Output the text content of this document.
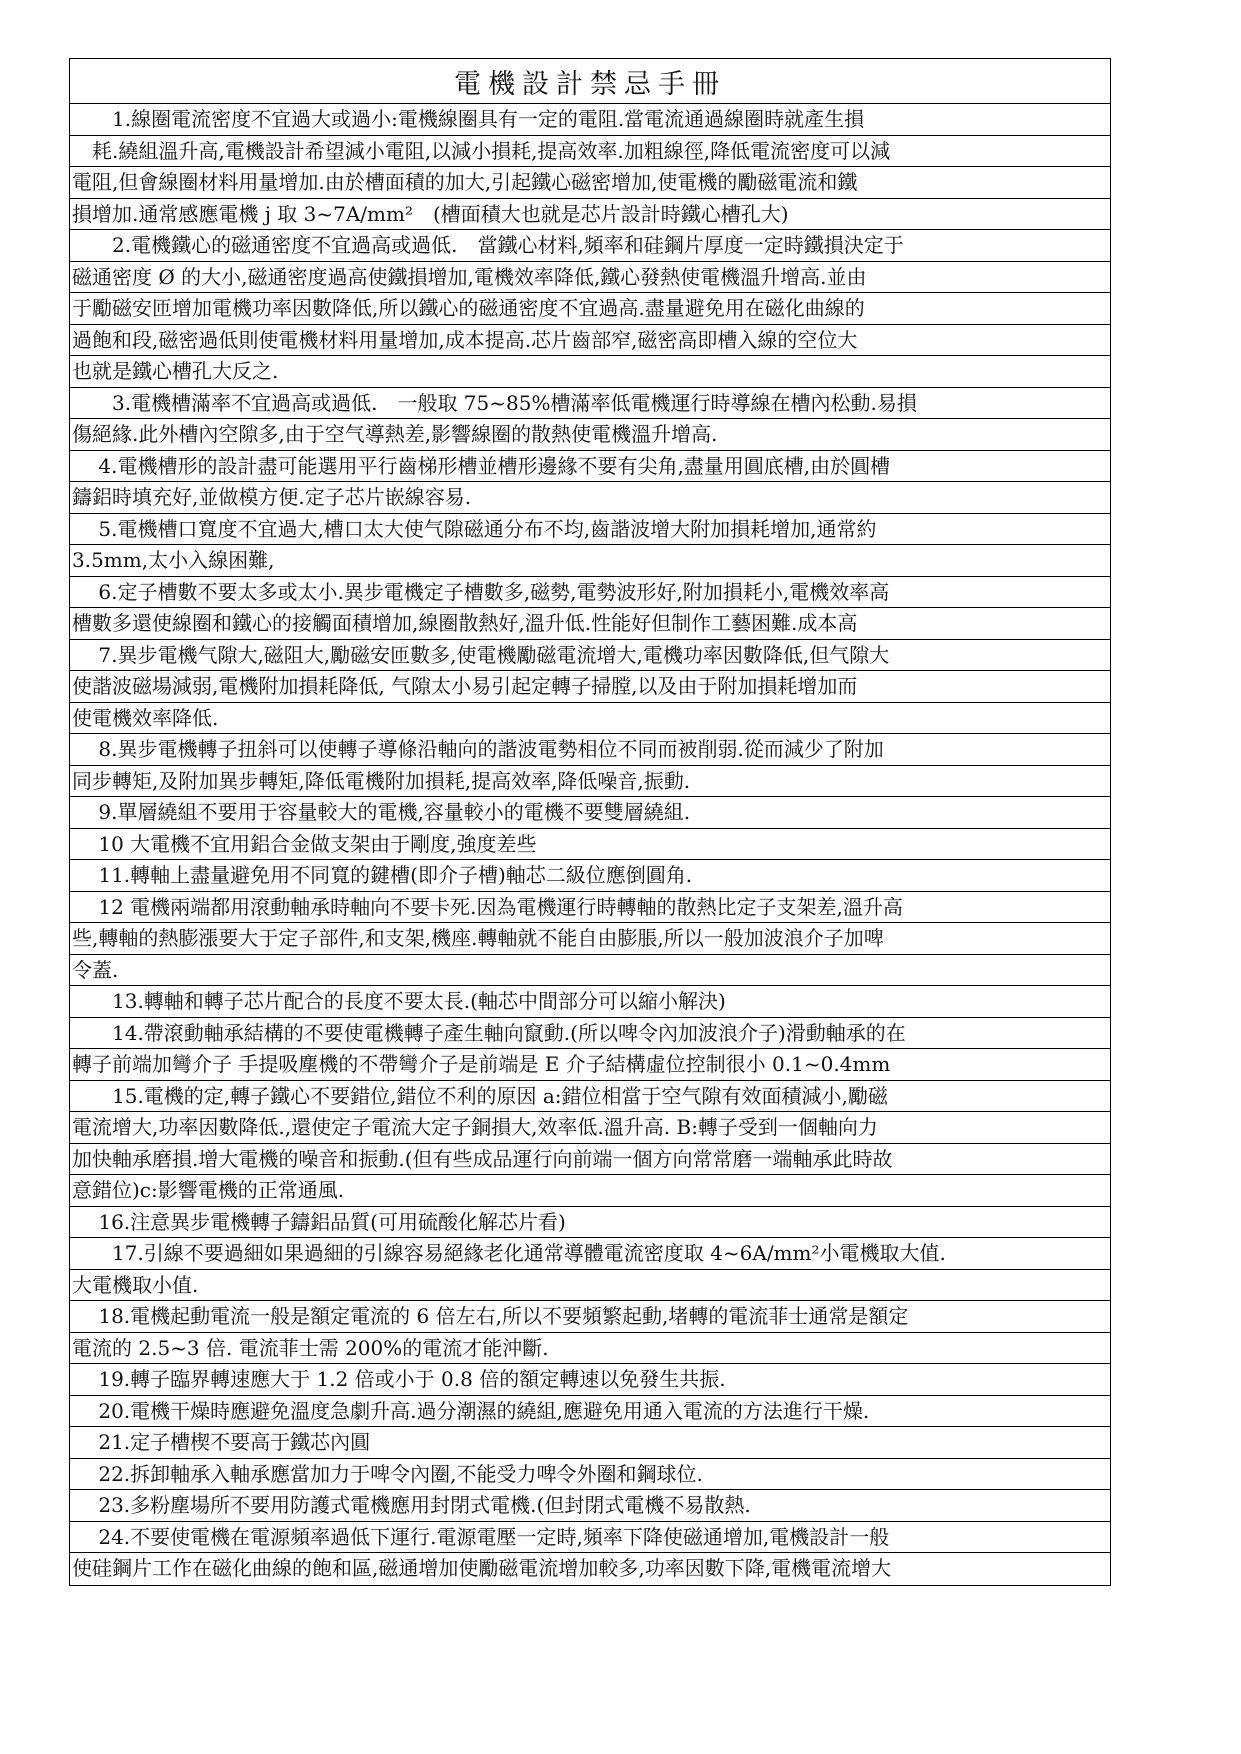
電機設計禁忌手冊
　　1.線圈電流密度不宜過大或過小:電機線圈具有一定的電阻.當電流通過線圈時就產生損
　耗.繞組溫升高,電機設計希望減小電阻,以減小損耗,提高效率.加粗線徑,降低電流密度可以減
電阻,但會線圈材料用量增加.由於槽面積的加大,引起鐵心磁密增加,使電機的勵磁電流和鐵
損增加.通常感應電機 j 取 3~7A/mm²　(槽面積大也就是芯片設計時鐵心槽孔大)
　　2.電機鐵心的磁通密度不宜過高或過低.　當鐵心材料,頻率和硅鋼片厚度一定時鐵損決定于
磁通密度 Ø 的大小,磁通密度過高使鐵損增加,電機效率降低,鐵心發熱使電機溫升增高.並由
于勵磁安匝增加電機功率因數降低,所以鐵心的磁通密度不宜過高.盡量避免用在磁化曲線的
過飽和段,磁密過低則使電機材料用量增加,成本提高.芯片齒部窄,磁密高即槽入線的空位大
也就是鐵心槽孔大反之.
　　3.電機槽滿率不宜過高或過低.　一般取 75~85%槽滿率低電機運行時導線在槽內松動.易損
傷絕緣.此外槽內空隙多,由于空气導熱差,影響線圈的散熱使電機溫升增高.
　 4.電機槽形的設計盡可能選用平行齒梯形槽並槽形邊緣不要有尖角,盡量用圓底槽,由於圓槽
鑄鋁時填充好,並做模方便.定子芯片嵌線容易.
　 5.電機槽口寬度不宜過大,槽口太大使气隙磁通分布不均,齒諧波增大附加損耗增加,通常約
3.5mm,太小入線困難,
　 6.定子槽數不要太多或太小.異步電機定子槽數多,磁勢,電勢波形好,附加損耗小,電機效率高
槽數多還使線圈和鐵心的接觸面積增加,線圈散熱好,溫升低.性能好但制作工藝困難.成本高
　 7.異步電機气隙大,磁阻大,勵磁安匝數多,使電機勵磁電流增大,電機功率因數降低,但气隙大
使諧波磁場減弱,電機附加損耗降低, 气隙太小易引起定轉子掃膛,以及由于附加損耗增加而
使電機效率降低.
　 8.異步電機轉子扭斜可以使轉子導條沿軸向的諧波電勢相位不同而被削弱.從而減少了附加
同步轉矩,及附加異步轉矩,降低電機附加損耗,提高效率,降低噪音,振動.
　 9.單層繞組不要用于容量較大的電機,容量較小的電機不要雙層繞組.
　 10 大電機不宜用鋁合金做支架由于剛度,強度差些
　 11.轉軸上盡量避免用不同寬的鍵槽(即介子槽)軸芯二級位應倒圓角.
　 12 電機兩端都用滾動軸承時軸向不要卡死.因為電機運行時轉軸的散熱比定子支架差,溫升高
些,轉軸的熱膨漲要大于定子部件,和支架,機座.轉軸就不能自由膨脹,所以一般加波浪介子加啤
令蓋.
　　13.轉軸和轉子芯片配合的長度不要太長.(軸芯中間部分可以縮小解決)
　　14.帶滾動軸承結構的不要使電機轉子產生軸向竄動.(所以啤令內加波浪介子)滑動軸承的在
轉子前端加彎介子 手提吸塵機的不帶彎介子是前端是 E 介子結構虛位控制很小 0.1~0.4mm
　　15.電機的定,轉子鐵心不要錯位,錯位不利的原因 a:錯位相當于空气隙有效面積減小,勵磁
電流增大,功率因數降低.,還使定子電流大定子銅損大,效率低.溫升高. B:轉子受到一個軸向力
加快軸承磨損.增大電機的噪音和振動.(但有些成品運行向前端一個方向常常磨一端軸承此時故
意錯位)c:影響電機的正常通風.
　 16.注意異步電機轉子鑄鋁品質(可用硫酸化解芯片看)
　　17.引線不要過細如果過細的引線容易絕緣老化通常導體電流密度取 4~6A/mm²小電機取大值.
大電機取小值.
　 18.電機起動電流一般是額定電流的 6 倍左右,所以不要頻繁起動,堵轉的電流菲士通常是額定
電流的 2.5~3 倍. 電流菲士需 200%的電流才能沖斷.
　 19.轉子臨界轉速應大于 1.2 倍或小于 0.8 倍的額定轉速以免發生共振.
　 20.電機干燥時應避免溫度急劇升高.過分潮濕的繞組,應避免用通入電流的方法進行干燥.
　 21.定子槽楔不要高于鐵芯內圓
　 22.拆卸軸承入軸承應當加力于啤令內圈,不能受力啤令外圈和鋼球位.
　 23.多粉塵場所不要用防護式電機應用封閉式電機.(但封閉式電機不易散熱.
　 24.不要使電機在電源頻率過低下運行.電源電壓一定時,頻率下降使磁通增加,電機設計一般
使硅鋼片工作在磁化曲線的飽和區,磁通增加使勵磁電流增加較多,功率因數下降,電機電流增大
